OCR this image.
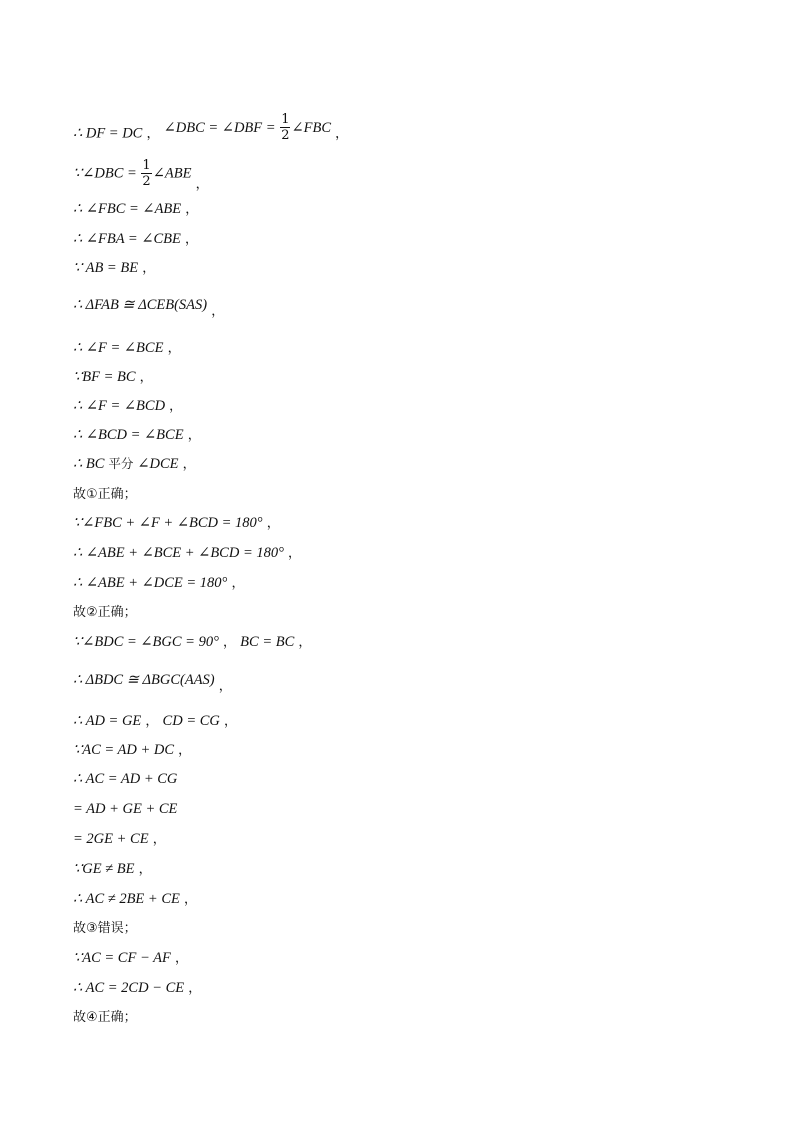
∴ DF = DC ， ∠DBC = ∠DBF = $\frac{1}{2}$ ∠FBC ，
∵∠DBC = $\frac{1}{2}$ ∠ABE ，
∴ ∠FBC = ∠ABE ，
∴ ∠FBA = ∠CBE ，
∵ AB = BE ，
∴ ΔFAB ≅ ΔCEB(SAS) ，
∴ ∠F = ∠BCE ，
∵BF = BC ，
∴ ∠F = ∠BCD ，
∴ ∠BCD = ∠BCE ，
∴ BC 平分 ∠DCE ，
故①正确；
∵∠FBC + ∠F + ∠BCD = 180° ，
∴ ∠ABE + ∠BCE + ∠BCD = 180° ，
∴ ∠ABE + ∠DCE = 180° ，
故②正确；
∵∠BDC = ∠BGC = 90° ， BC = BC ，
∴ ΔBDC ≅ ΔBGC(AAS) ，
∴ AD = GE ， CD = CG ，
∵AC = AD + DC ，
∴ AC = AD + CG
= AD + GE + CE
= 2GE + CE ，
∵GE ≠ BE ，
∴ AC ≠ 2BE + CE ，
故③错误；
∵AC = CF − AF ，
∴ AC = 2CD − CE ，
故④正确；
